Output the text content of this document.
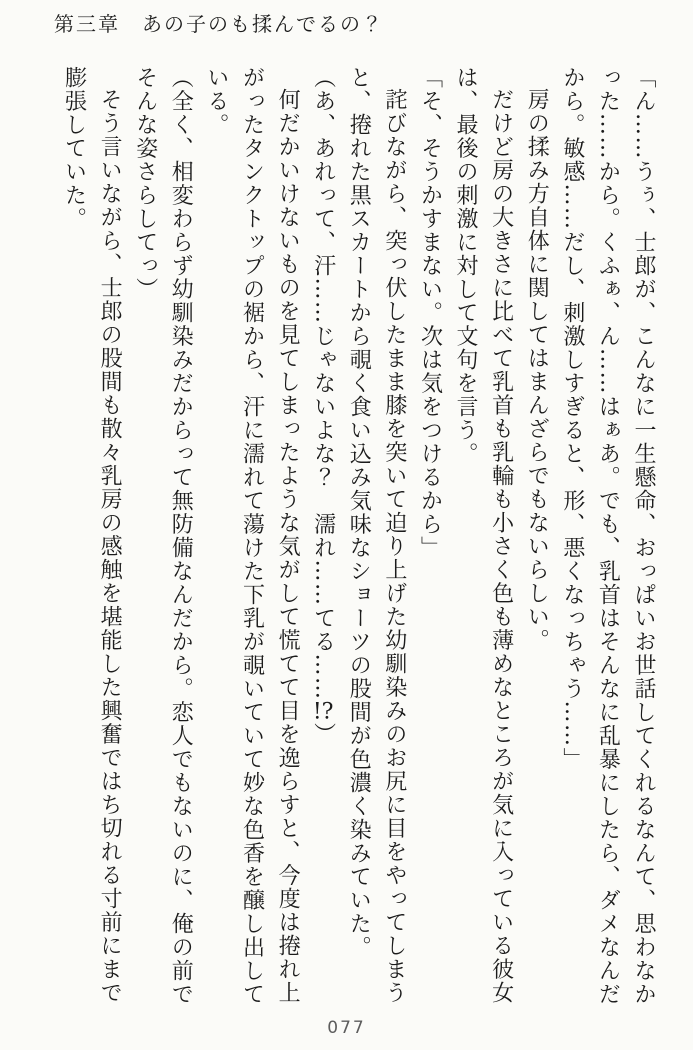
第三章 あの子のも揉んでるの？

「ん……うぅ、士郎が、こんなに一生懸命、おっぱいお世話してくれるなんて、思わなかった……から。くふぁ、ん……はぁあ。でも、乳首はそんなに乱暴にしたら、ダメなんだから。敏感……だし、刺激しすぎると、形、悪くなっちゃう……」

房の揉み方自体に関してはまんざらでもないらしい。

だけど房の大きさに比べて乳首も乳輪も小さく色も薄めなところが気に入っている彼女は、最後の刺激に対して文句を言う。

「そ、そうかすまない。次は気をつけるから」

詫びながら、突っ伏したまま膝を突いて迫り上げた幼馴染みのお尻に目をやってしまうと、捲れた黒スカートから覗く食い込み気味なショーツの股間が色濃く染みていた。

（あ、あれって、汗……じゃないよな？　濡れ……てる……!?）

何だかいけないものを見てしまったような気がして慌てて目を逸らすと、今度は捲れ上がったタンクトップの裾から、汗に濡れて蕩けた下乳が覗いていて妙な色香を醸し出している。

（全く、相変わらず幼馴染みだからって無防備なんだから。恋人でもないのに、俺の前でそんな姿さらしてっ）

そう言いながら、士郎の股間も散々乳房の感触を堪能した興奮ではち切れる寸前にまで膨張していた。

077
